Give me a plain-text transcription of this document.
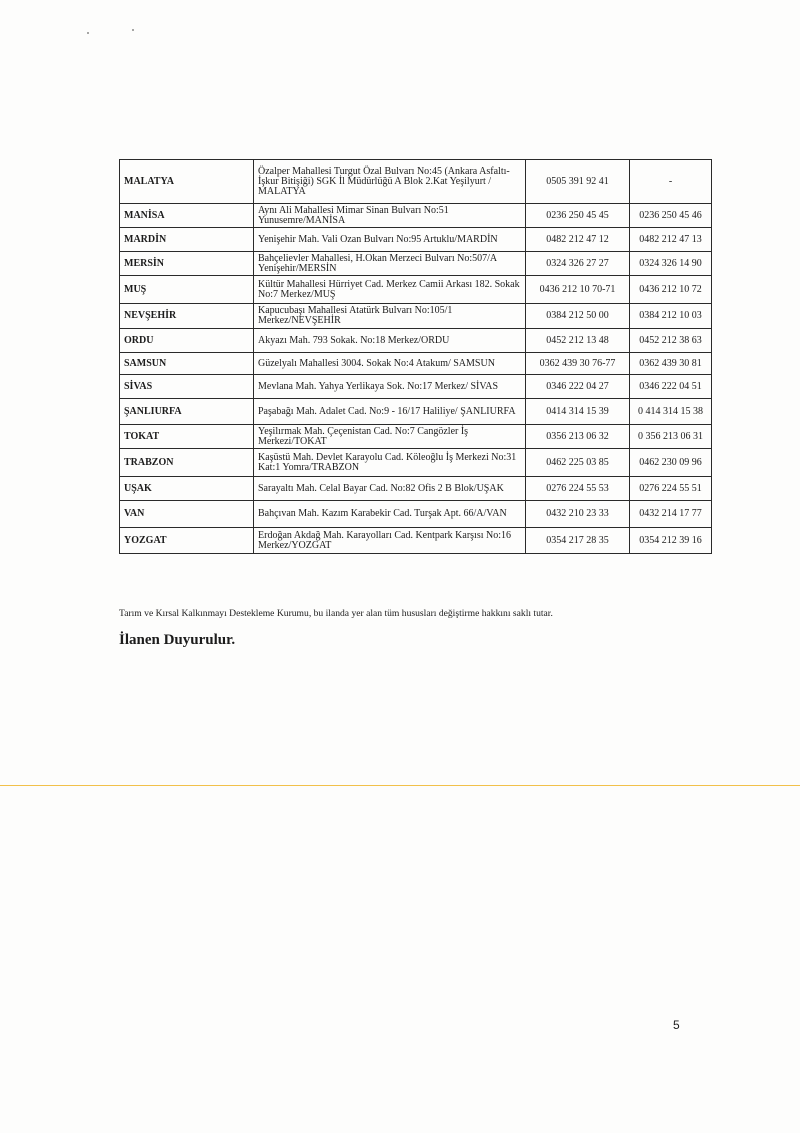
MALATYA	Özalper Mahallesi Turgut Özal Bulvarı No:45 (Ankara Asfaltı-İşkur Bitişiği) SGK İl Müdürlüğü A Blok 2.Kat Yeşilyurt / MALATYA	0505 391 92 41	-
MANİSA	Aynı Ali Mahallesi Mimar Sinan Bulvarı No:51 Yunusemre/MANİSA	0236 250 45 45	0236 250 45 46
MARDİN	Yenişehir Mah. Vali Ozan Bulvarı No:95 Artuklu/MARDİN	0482 212 47 12	0482 212 47 13
MERSİN	Bahçelievler Mahallesi, H.Okan Merzeci Bulvarı No:507/A Yenişehir/MERSİN	0324 326 27 27	0324 326 14 90
MUŞ	Kültür Mahallesi Hürriyet Cad. Merkez Camii Arkası 182. Sokak No:7 Merkez/MUŞ	0436 212 10 70-71	0436 212 10 72
NEVŞEHİR	Kapucubaşı Mahallesi Atatürk Bulvarı No:105/1 Merkez/NEVŞEHİR	0384 212 50 00	0384 212 10 03
ORDU	Akyazı Mah. 793 Sokak. No:18 Merkez/ORDU	0452 212 13 48	0452 212 38 63
SAMSUN	Güzelyalı Mahallesi 3004. Sokak No:4 Atakum/ SAMSUN	0362 439 30 76-77	0362 439 30 81
SİVAS	Mevlana Mah. Yahya Yerlikaya Sok. No:17 Merkez/ SİVAS	0346 222 04 27	0346 222 04 51
ŞANLIURFA	Paşabağı Mah. Adalet Cad. No:9 - 16/17 Haliliye/ ŞANLIURFA	0414 314 15 39	0 414 314 15 38
TOKAT	Yeşilırmak Mah. Çeçenistan Cad. No:7 Cangözler İş Merkezi/TOKAT	0356 213 06 32	0 356 213 06 31
TRABZON	Kaşüstü Mah. Devlet Karayolu Cad. Köleoğlu İş Merkezi No:31 Kat:1 Yomra/TRABZON	0462 225 03 85	0462 230 09 96
UŞAK	Sarayaltı Mah. Celal Bayar Cad. No:82 Ofis 2 B Blok/UŞAK	0276 224 55 53	0276 224 55 51
VAN	Bahçıvan Mah. Kazım Karabekir Cad. Turşak Apt. 66/A/VAN	0432 210 23 33	0432 214 17 77
YOZGAT	Erdoğan Akdağ Mah. Karayolları Cad. Kentpark Karşısı No:16 Merkez/YOZGAT	0354 217 28 35	0354 212 39 16

Tarım ve Kırsal Kalkınmayı Destekleme Kurumu, bu ilanda yer alan tüm hususları değiştirme hakkını saklı tutar.

İlanen Duyurulur.

5
